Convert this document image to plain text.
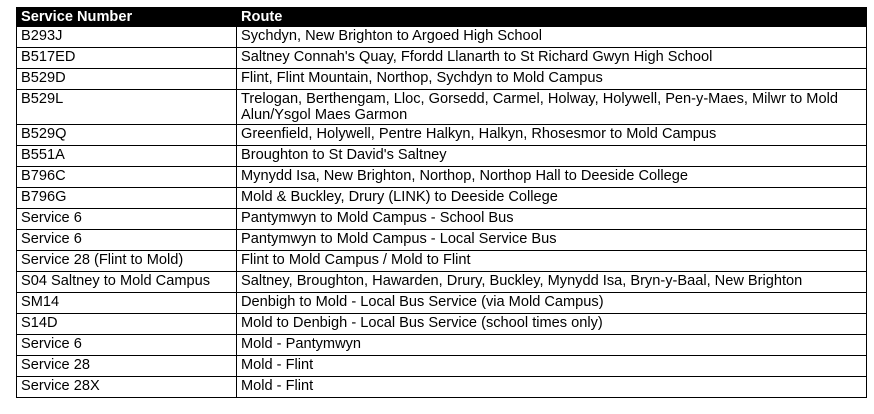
Service Number	Route
B293J	Sychdyn, New Brighton to Argoed High School
B517ED	Saltney Connah's Quay, Ffordd Llanarth to St Richard Gwyn High School
B529D	Flint, Flint Mountain, Northop, Sychdyn to Mold Campus
B529L	Trelogan, Berthengam, Lloc, Gorsedd, Carmel, Holway, Holywell, Pen-y-Maes, Milwr to Mold Alun/Ysgol Maes Garmon
B529Q	Greenfield, Holywell, Pentre Halkyn, Halkyn, Rhosesmor to Mold Campus
B551A	Broughton to St David's Saltney
B796C	Mynydd Isa, New Brighton, Northop, Northop Hall to Deeside College
B796G	Mold & Buckley, Drury (LINK) to Deeside College
Service 6	Pantymwyn to Mold Campus - School Bus
Service 6	Pantymwyn to Mold Campus - Local Service Bus
Service 28 (Flint to Mold)	Flint to Mold Campus / Mold to Flint
S04 Saltney to Mold Campus	Saltney, Broughton, Hawarden, Drury, Buckley, Mynydd Isa, Bryn-y-Baal, New Brighton
SM14	Denbigh to Mold - Local Bus Service (via Mold Campus)
S14D	Mold to Denbigh - Local Bus Service (school times only)
Service 6	Mold - Pantymwyn
Service 28	Mold - Flint
Service 28X	Mold - Flint
